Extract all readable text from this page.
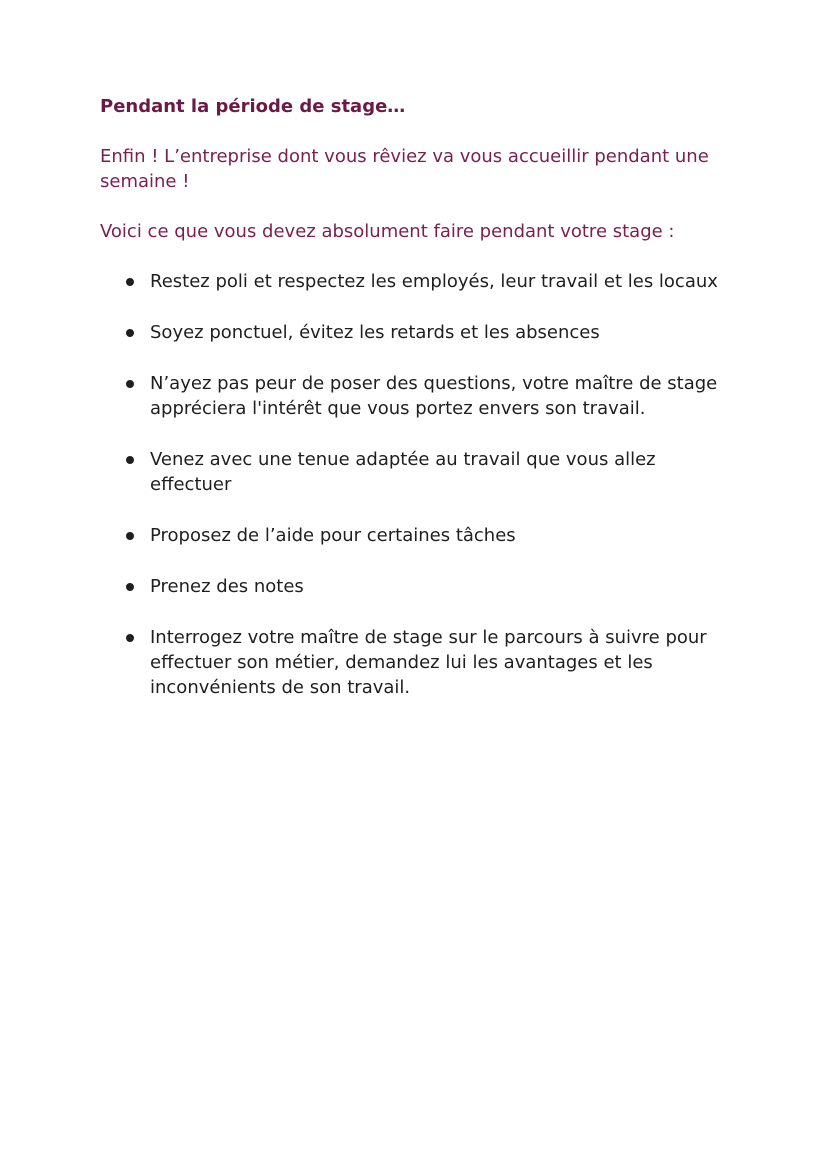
Pendant la période de stage…

Enfin ! L’entreprise dont vous rêviez va vous accueillir pendant une semaine !

Voici ce que vous devez absolument faire pendant votre stage :

Restez poli et respectez les employés, leur travail et les locaux
Soyez ponctuel, évitez les retards et les absences
N’ayez pas peur de poser des questions, votre maître de stage appréciera l'intérêt que vous portez envers son travail.
Venez avec une tenue adaptée au travail que vous allez effectuer
Proposez de l’aide pour certaines tâches
Prenez des notes
Interrogez votre maître de stage sur le parcours à suivre pour effectuer son métier, demandez lui les avantages et les inconvénients de son travail.
